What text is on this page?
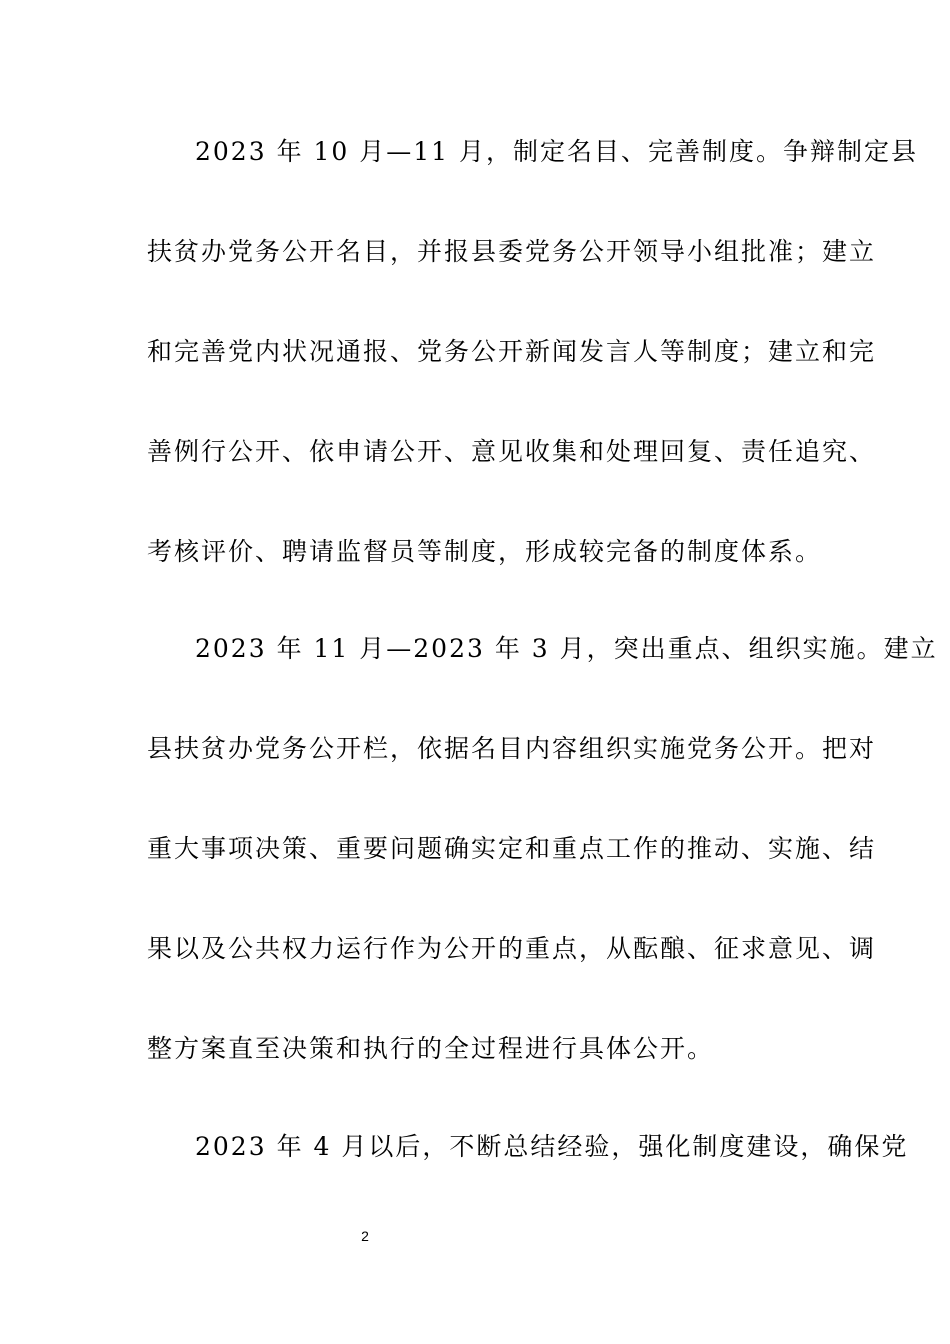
2023 年 10 月—11 月，制定名目、完善制度。争辩制定县
扶贫办党务公开名目，并报县委党务公开领导小组批准；建立
和完善党内状况通报、党务公开新闻发言人等制度；建立和完
善例行公开、依申请公开、意见收集和处理回复、责任追究、
考核评价、聘请监督员等制度，形成较完备的制度体系。
2023 年 11 月—2023 年 3 月，突出重点、组织实施。建立
县扶贫办党务公开栏，依据名目内容组织实施党务公开。把对
重大事项决策、重要问题确实定和重点工作的推动、实施、结
果以及公共权力运行作为公开的重点，从酝酿、征求意见、调
整方案直至决策和执行的全过程进行具体公开。
2023 年 4 月以后，不断总结经验，强化制度建设，确保党
2
